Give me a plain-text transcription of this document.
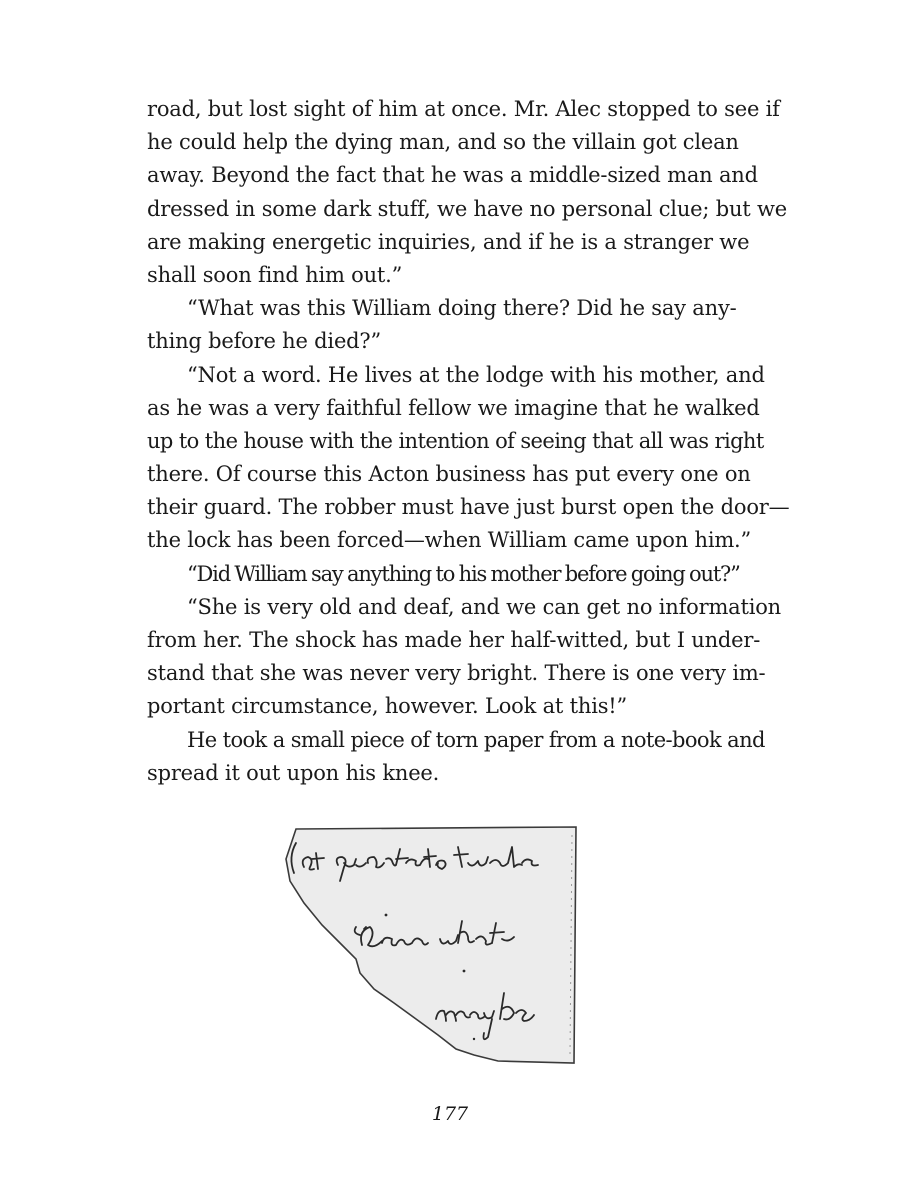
road, but lost sight of him at once. Mr. Alec stopped to see if
he could help the dying man, and so the villain got clean
away. Beyond the fact that he was a middle-sized man and
dressed in some dark stuff, we have no personal clue; but we
are making energetic inquiries, and if he is a stranger we
shall soon find him out.”
“What was this William doing there? Did he say any-
thing before he died?”
“Not a word. He lives at the lodge with his mother, and
as he was a very faithful fellow we imagine that he walked
up to the house with the intention of seeing that all was right
there. Of course this Acton business has put every one on
their guard. The robber must have just burst open the door—
the lock has been forced—when William came upon him.”
“Did William say anything to his mother before going out?”
“She is very old and deaf, and we can get no information
from her. The shock has made her half-witted, but I under-
stand that she was never very bright. There is one very im-
portant circumstance, however. Look at this!”
He took a small piece of torn paper from a note-book and
spread it out upon his knee.
177
